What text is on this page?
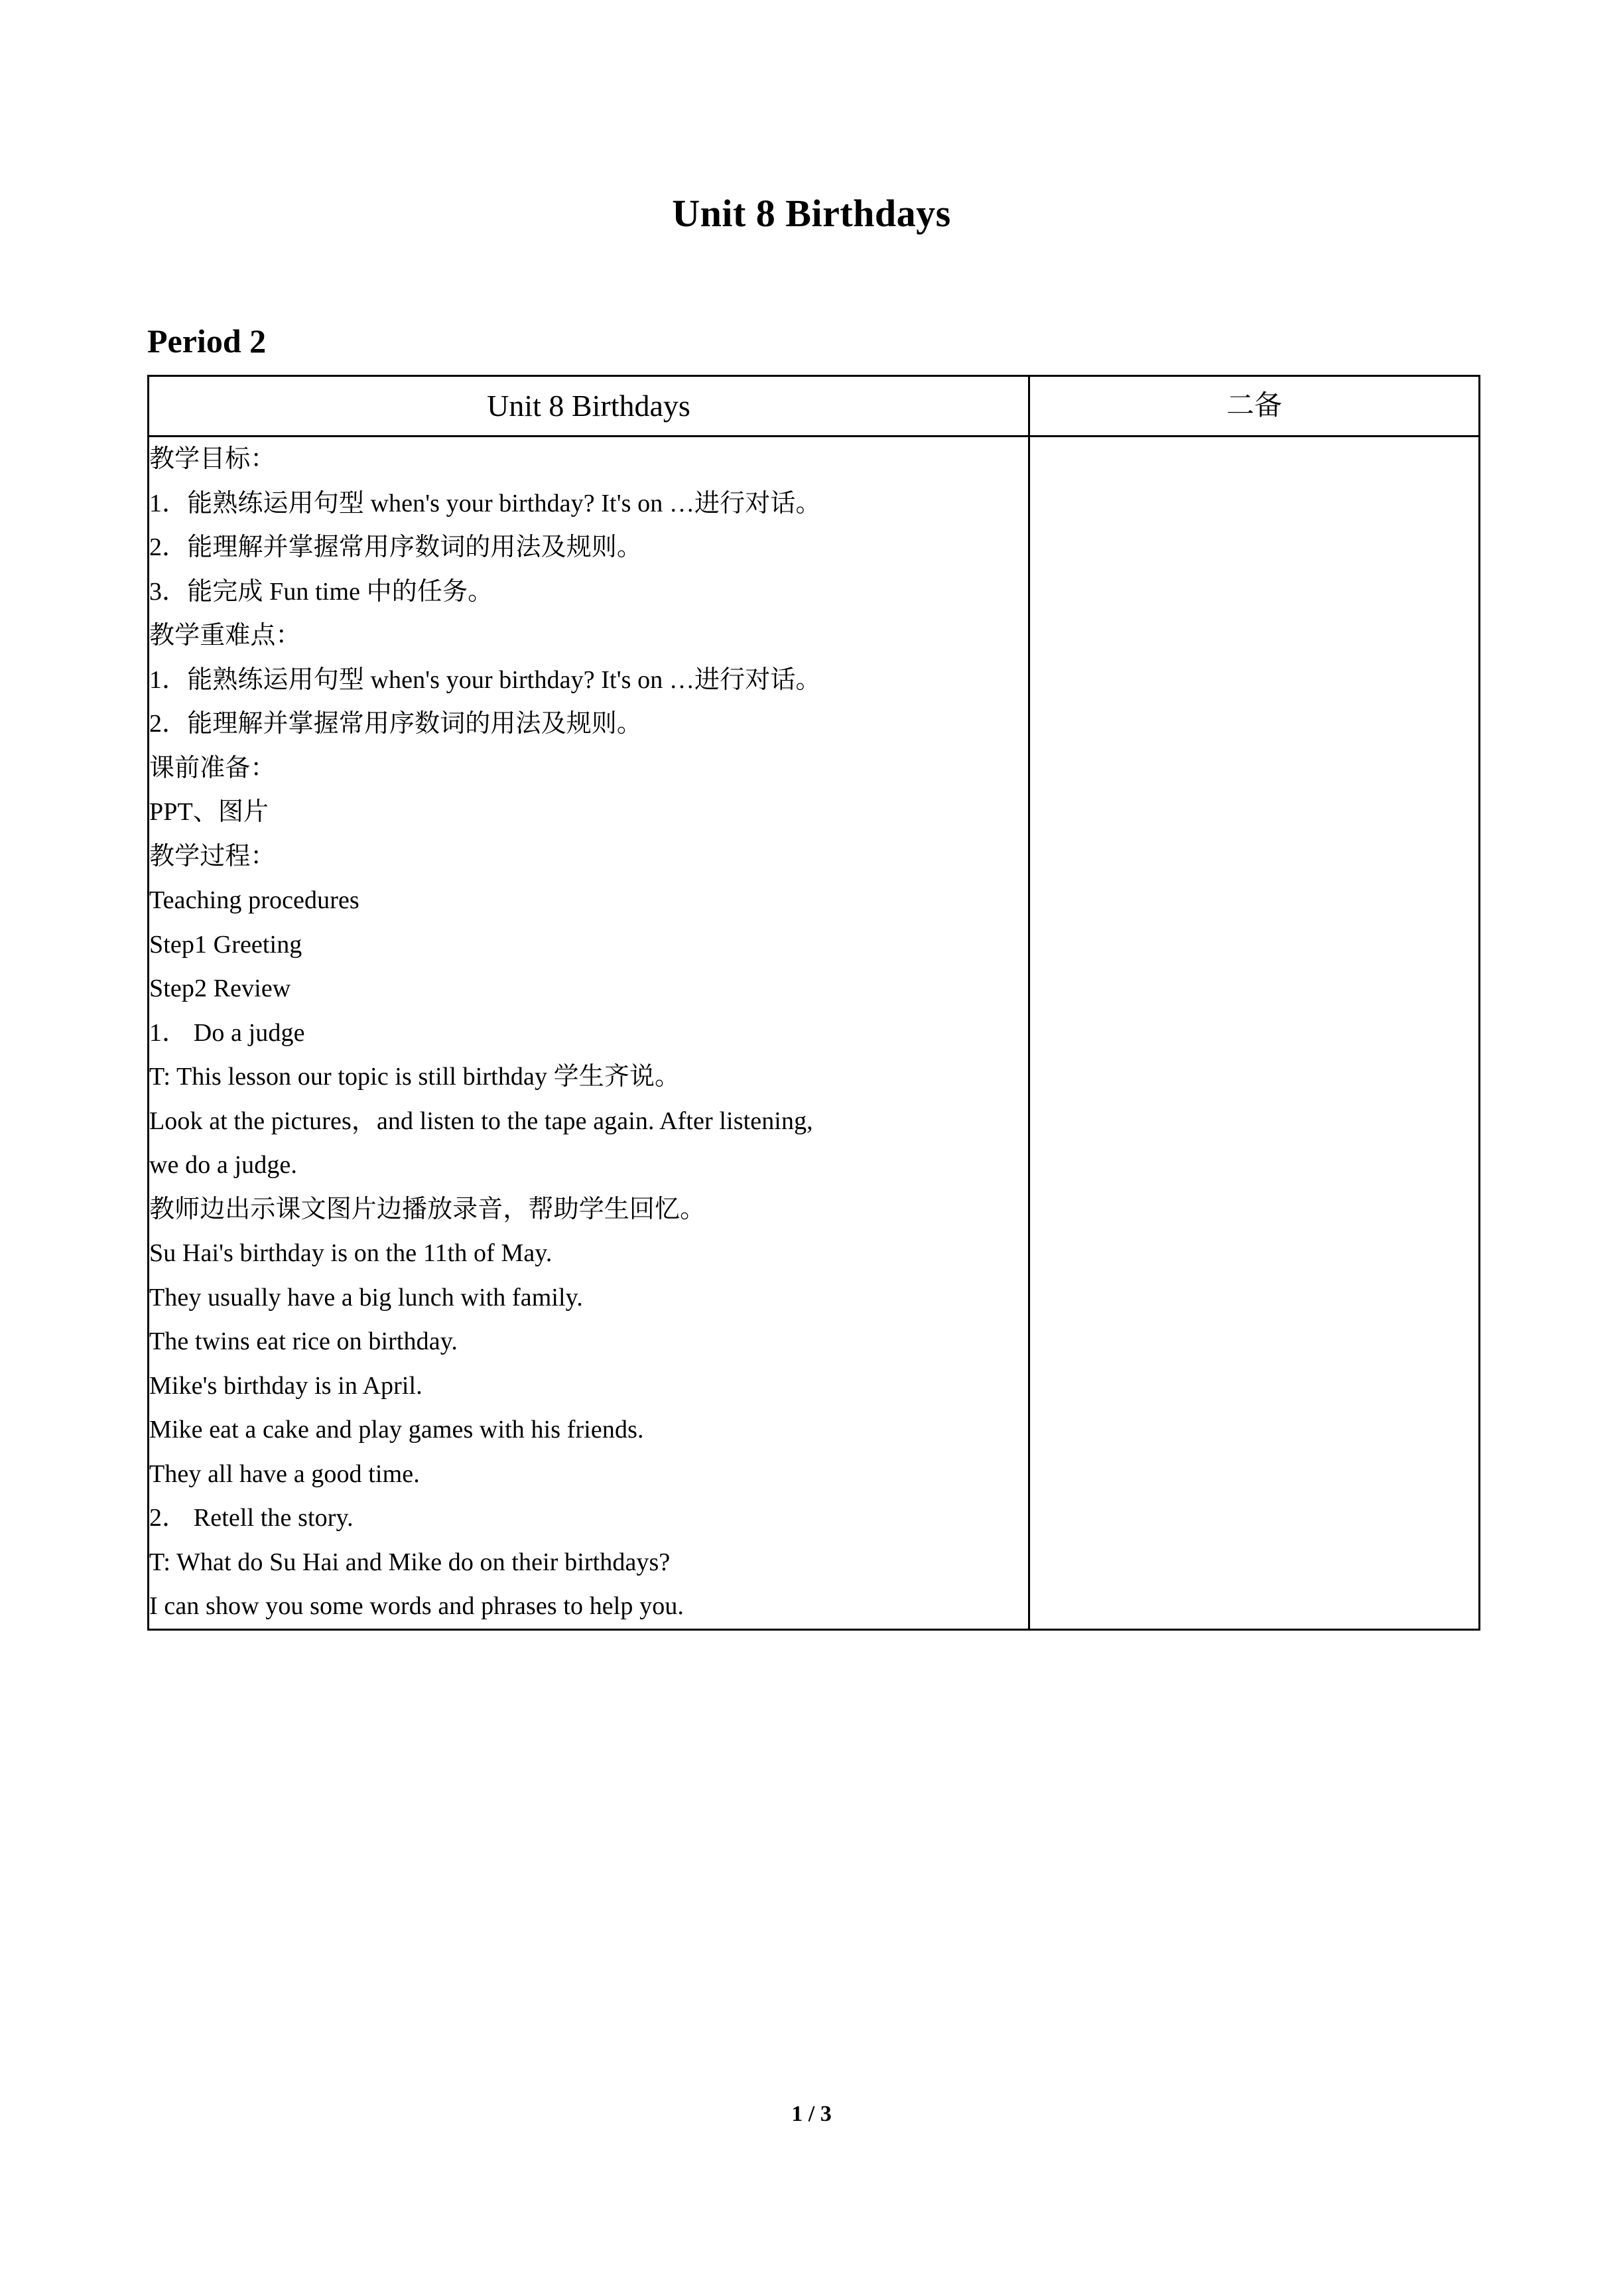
Unit 8 Birthdays
Period 2
Unit 8 Birthdays	二备

教学目标：
1．能熟练运用句型 when's your birthday? It's on …进行对话。
2．能理解并掌握常用序数词的用法及规则。
3．能完成 Fun time 中的任务。
教学重难点：
1．能熟练运用句型 when's your birthday? It's on …进行对话。
2．能理解并掌握常用序数词的用法及规则。
课前准备：
PPT、图片
教学过程：
Teaching procedures
Step1 Greeting
Step2 Review
1． Do a judge
T: This lesson our topic is still birthday 学生齐说。
Look at the pictures，and listen to the tape again. After listening,
we do a judge.
教师边出示课文图片边播放录音，帮助学生回忆。
Su Hai's birthday is on the 11th of May.
They usually have a big lunch with family.
The twins eat rice on birthday.
Mike's birthday is in April.
Mike eat a cake and play games with his friends.
They all have a good time.
2． Retell the story.
T: What do Su Hai and Mike do on their birthdays?
I can show you some words and phrases to help you.

1 / 3
